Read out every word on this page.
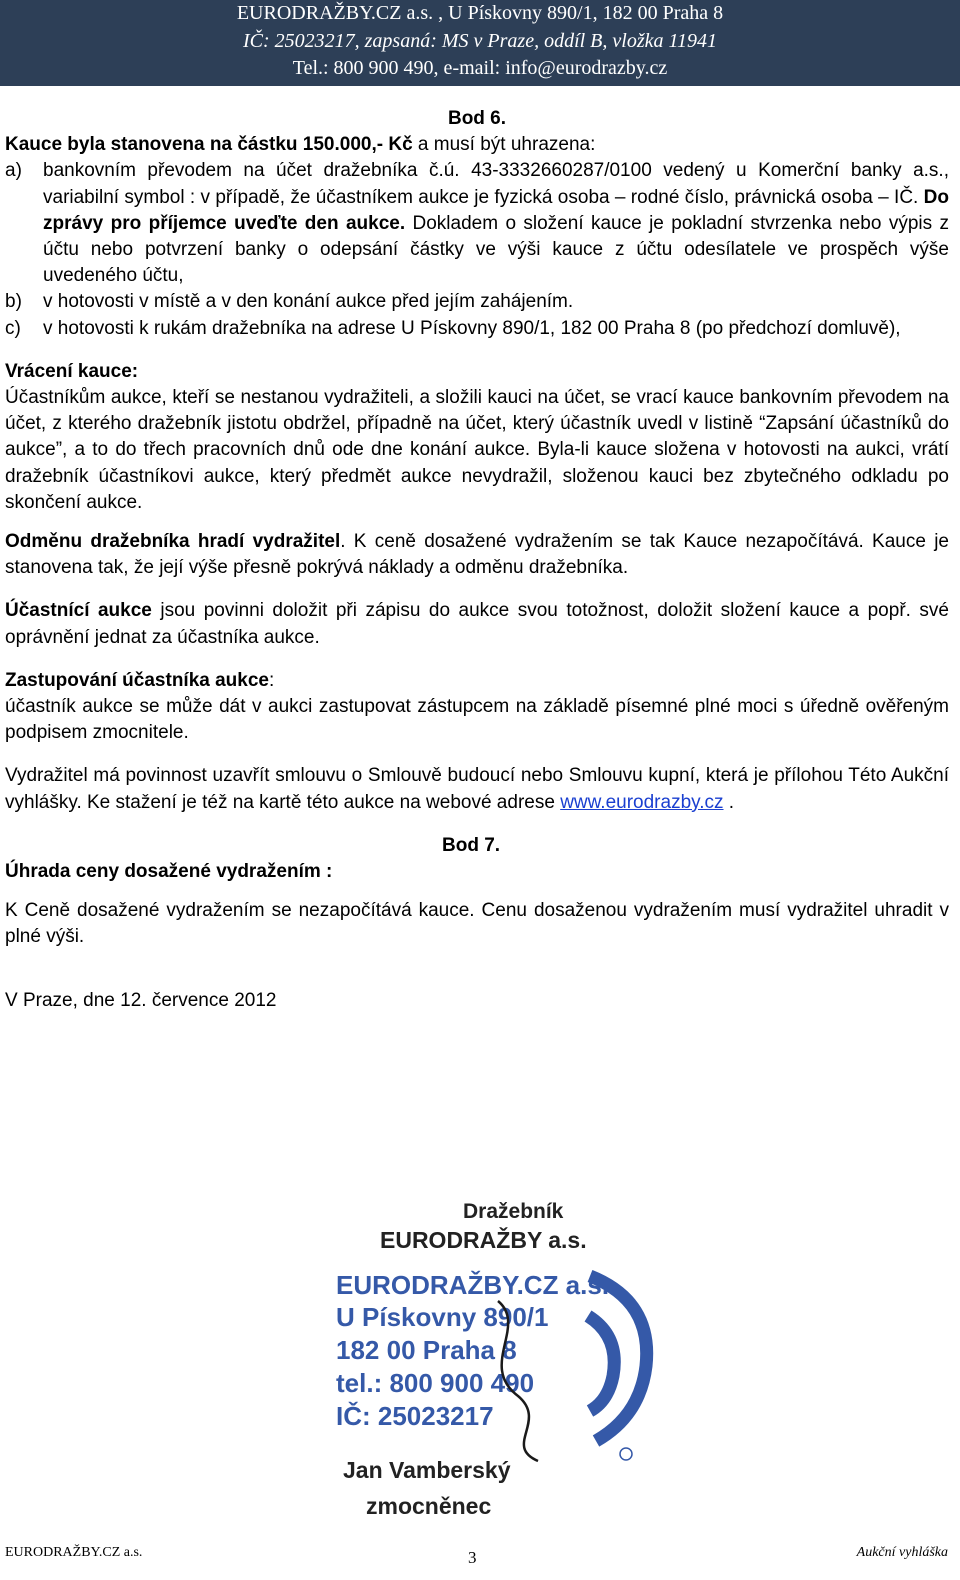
EURODRAŽBY.CZ a.s. , U Pískovny 890/1, 182 00 Praha 8
IČ: 25023217, zapsaná: MS v Praze, oddíl B, vložka 11941
Tel.: 800 900 490, e-mail: info@eurodrazby.cz

Bod 6.

Kauce byla stanovena na částku 150.000,- Kč a musí být uhrazena:

a)	bankovním převodem na účet dražebníka č.ú. 43-3332660287/0100 vedený u Komerční banky a.s., variabilní symbol : v případě, že účastníkem aukce je fyzická osoba – rodné číslo, právnická osoba – IČ. Do zprávy pro příjemce uveďte den aukce. Dokladem o složení kauce je pokladní stvrzenka nebo výpis z účtu nebo potvrzení banky o odepsání částky ve výši kauce z účtu odesílatele ve prospěch výše uvedeného účtu,
b)	v hotovosti v místě a v den konání aukce před jejím zahájením.
c)	v hotovosti k rukám dražebníka na adrese U Pískovny 890/1, 182 00 Praha 8 (po předchozí domluvě),

Vrácení kauce:

Účastníkům aukce, kteří se nestanou vydražiteli, a složili kauci na účet, se vrací kauce bankovním převodem na účet, z kterého dražebník jistotu obdržel, případně na účet, který účastník uvedl v listině “Zapsání účastníků do aukce”, a to do třech pracovních dnů ode dne konání aukce. Byla-li kauce složena v hotovosti na aukci, vrátí dražebník účastníkovi aukce, který předmět aukce nevydražil, složenou kauci bez zbytečného odkladu po skončení aukce.

Odměnu dražebníka hradí vydražitel. K ceně dosažené vydražením se tak Kauce nezapočítává. Kauce je stanovena tak, že její výše přesně pokrývá náklady a odměnu dražebníka.

Účastnící aukce jsou povinni doložit při zápisu do aukce svou totožnost, doložit složení kauce a popř. své oprávnění jednat za účastníka aukce.

Zastupování účastníka aukce:

účastník aukce se může dát v aukci zastupovat zástupcem na základě písemné plné moci s úředně ověřeným podpisem zmocnitele.

Vydražitel má povinnost uzavřít smlouvu o Smlouvě budoucí nebo Smlouvu kupní, která je přílohou Této Aukční vyhlášky. Ke stažení je též na kartě této aukce na webové adrese www.eurodrazby.cz .

Bod 7.
Úhrada ceny dosažené vydražením :

K Ceně dosažené vydražením se nezapočítává kauce. Cenu dosaženou vydražením musí vydražitel uhradit v plné výši.

V Praze, dne 12. července 2012

Dražebník
EURODRAŽBY a.s.
EURODRAŽBY.CZ a.s.
U Pískovny 890/1
182 00 Praha 8
tel.: 800 900 490
IČ: 25023217
Jan Vamberský
zmocněnec
EURODRAŽBY.CZ a.s.	3	Aukční vyhláška
